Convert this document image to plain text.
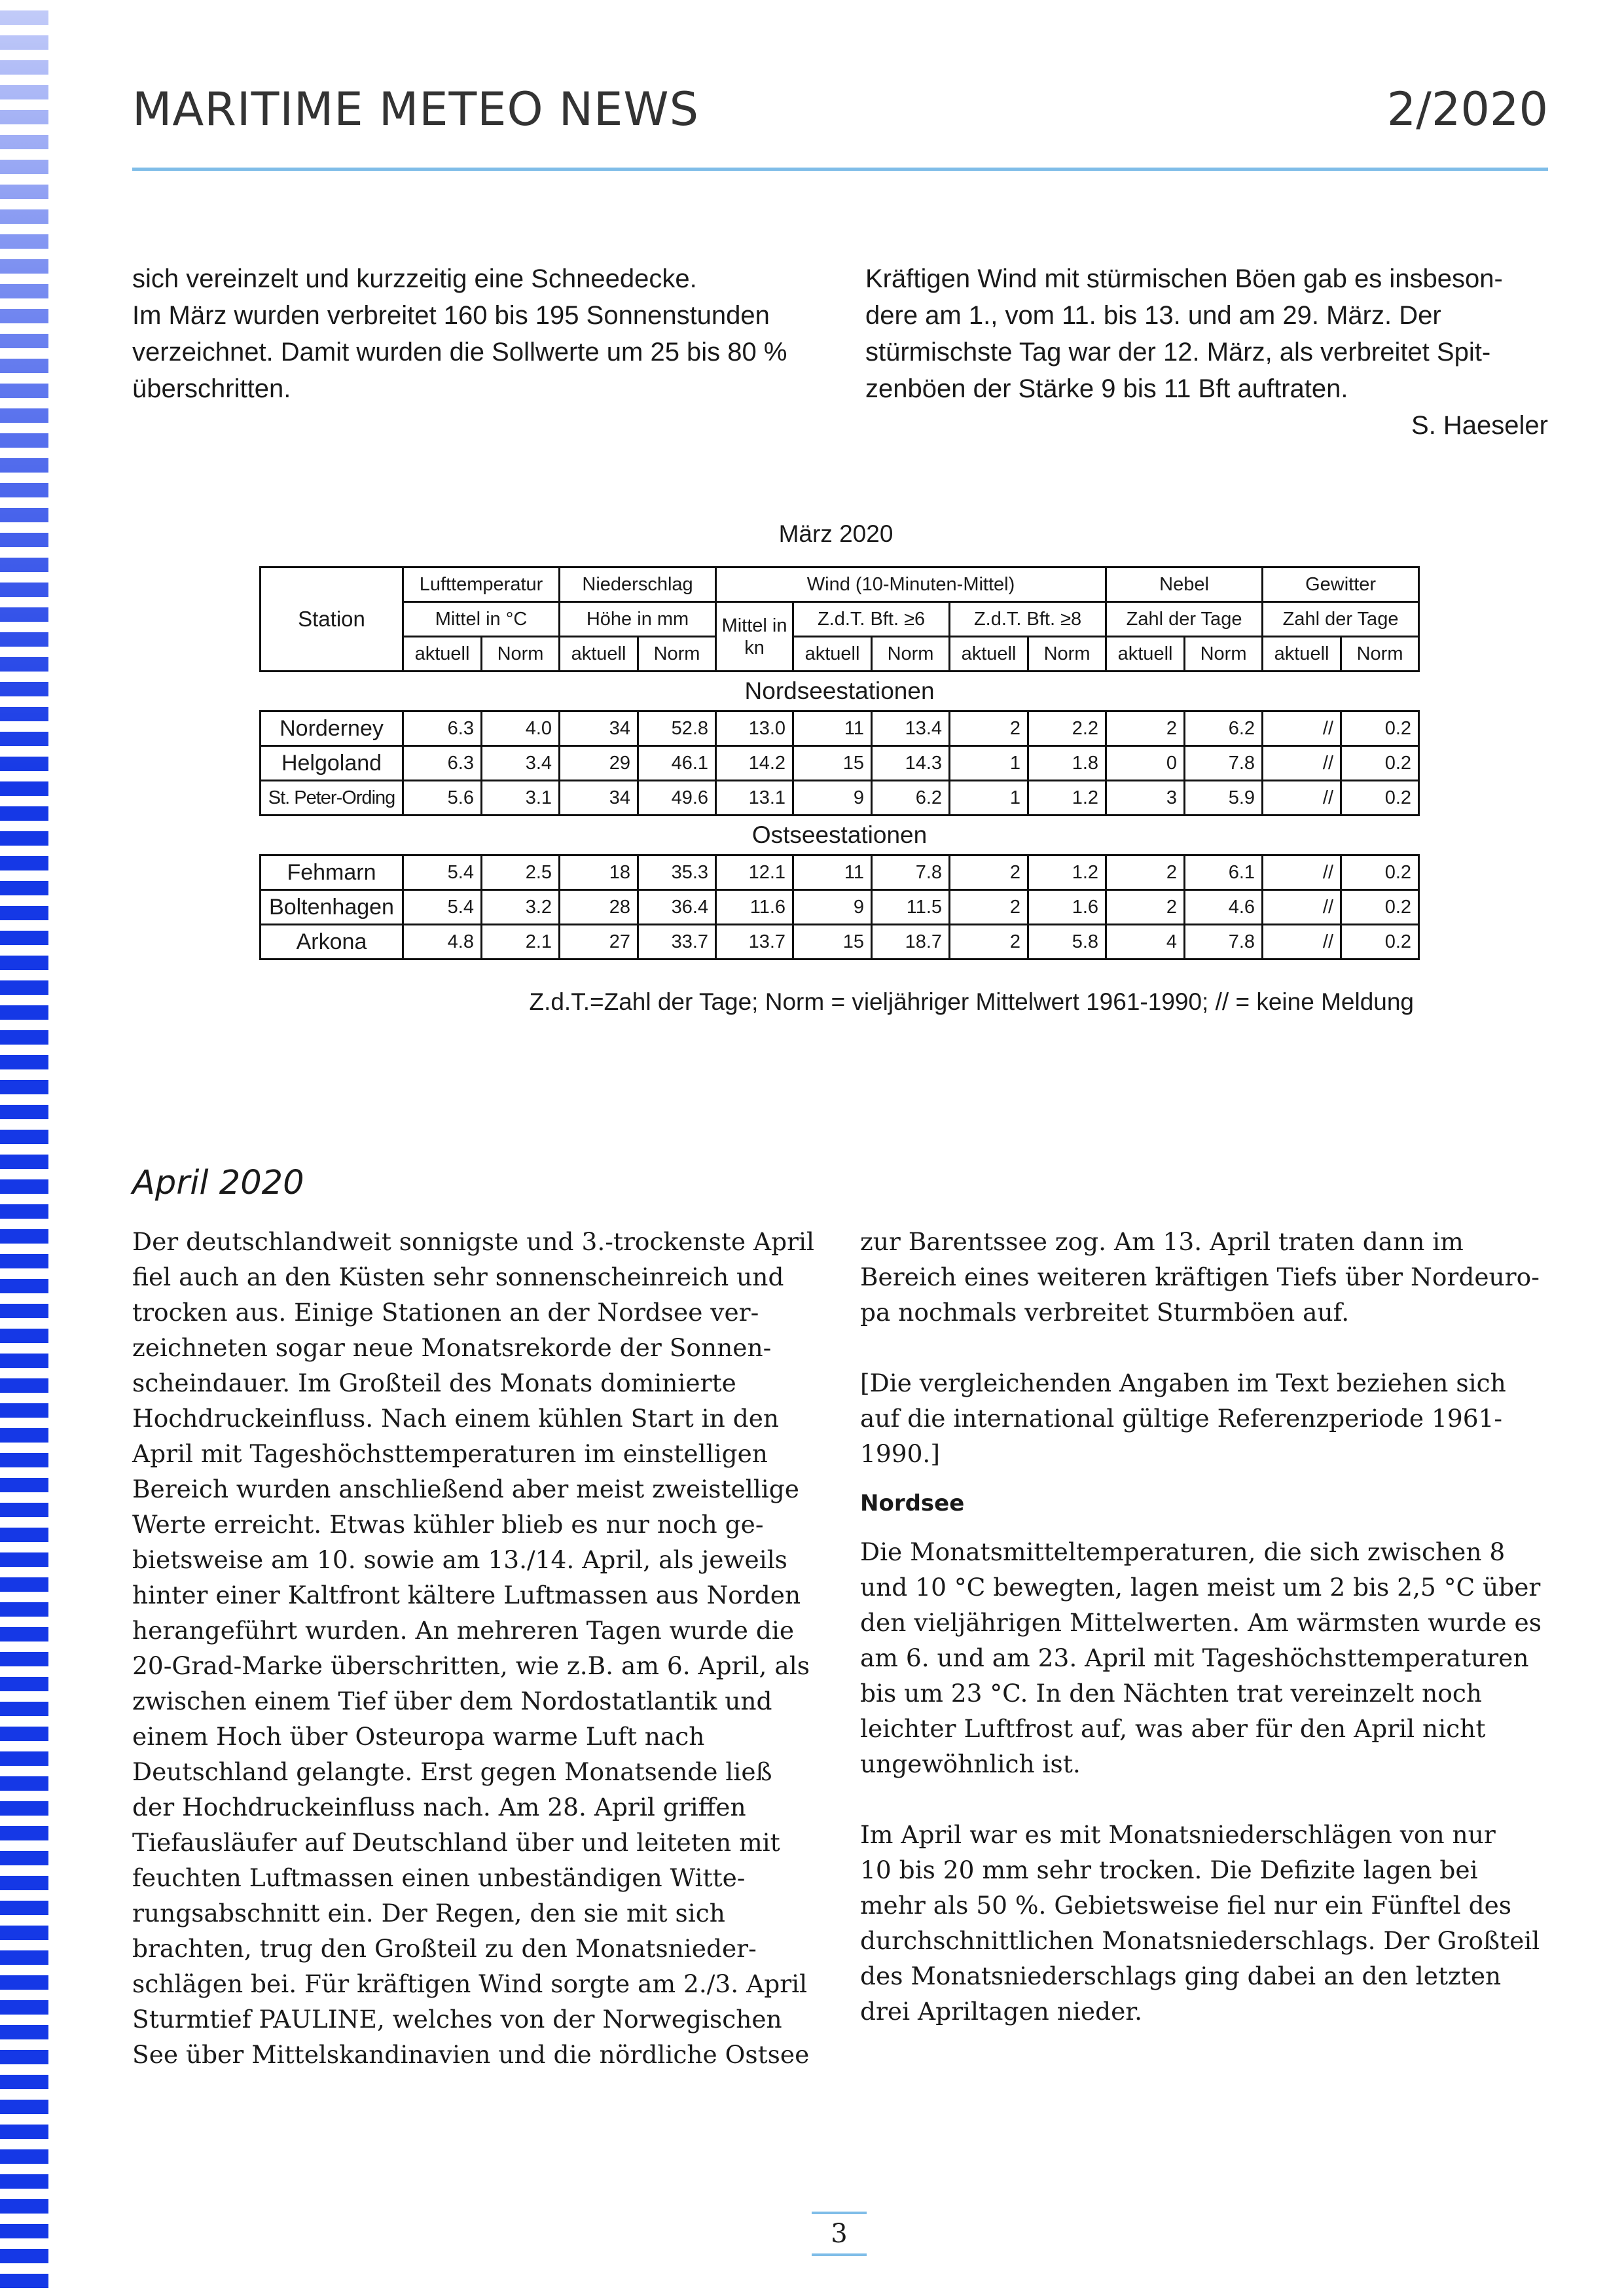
MARITIME METEO NEWS	2/2020

sich vereinzelt und kurzzeitig eine Schneedecke.

Im März wurden verbreitet 160 bis 195 Sonnenstunden

verzeichnet. Damit wurden die Sollwerte um 25 bis 80 %

überschritten.

Kräftigen Wind mit stürmischen Böen gab es insbeson-

dere am 1., vom 11. bis 13. und am 29. März. Der

stürmischste Tag war der 12. März, als verbreitet Spit-

zenböen der Stärke 9 bis 11 Bft auftraten.

S. Haeseler

März 2020
Station	Lufttemperatur		Niederschlag		Wind (10-Minuten-Mittel)					Nebel		Gewitter	
	Mittel in °C		Höhe in mm		Mittel in kn	Z.d.T. Bft. ≥6		Z.d.T. Bft. ≥8		Zahl der Tage		Zahl der Tage	
	aktuell	Norm	aktuell	Norm		aktuell	Norm	aktuell	Norm	aktuell	Norm	aktuell	Norm
Nordseestationen													
Norderney	6.3	4.0	34	52.8	13.0	11	13.4	2	2.2	2	6.2	//	0.2
Helgoland	6.3	3.4	29	46.1	14.2	15	14.3	1	1.8	0	7.8	//	0.2
St. Peter-Ording	5.6	3.1	34	49.6	13.1	9	6.2	1	1.2	3	5.9	//	0.2
Ostseestationen													
Fehmarn	5.4	2.5	18	35.3	12.1	11	7.8	2	1.2	2	6.1	//	0.2
Boltenhagen	5.4	3.2	28	36.4	11.6	9	11.5	2	1.6	2	4.6	//	0.2
Arkona	4.8	2.1	27	33.7	13.7	15	18.7	2	5.8	4	7.8	//	0.2
Z.d.T.=Zahl der Tage; Norm = vieljähriger Mittelwert 1961-1990; // = keine Meldung
April 2020

Der deutschlandweit sonnigste und 3.-trockenste April

fiel auch an den Küsten sehr sonnenscheinreich und

trocken aus. Einige Stationen an der Nordsee ver-

zeichneten sogar neue Monatsrekorde der Sonnen-

scheindauer. Im Großteil des Monats dominierte

Hochdruckeinfluss. Nach einem kühlen Start in den

April mit Tageshöchsttemperaturen im einstelligen

Bereich wurden anschließend aber meist zweistellige

Werte erreicht. Etwas kühler blieb es nur noch ge-

bietsweise am 10. sowie am 13./14. April, als jeweils

hinter einer Kaltfront kältere Luftmassen aus Norden

herangeführt wurden. An mehreren Tagen wurde die

20-Grad-Marke überschritten, wie z.B. am 6. April, als

zwischen einem Tief über dem Nordostatlantik und

einem Hoch über Osteuropa warme Luft nach

Deutschland gelangte. Erst gegen Monatsende ließ

der Hochdruckeinfluss nach. Am 28. April griffen

Tiefausläufer auf Deutschland über und leiteten mit

feuchten Luftmassen einen unbeständigen Witte-

rungsabschnitt ein. Der Regen, den sie mit sich

brachten, trug den Großteil zu den Monatsnieder-

schlägen bei. Für kräftigen Wind sorgte am 2./3. April

Sturmtief PAULINE, welches von der Norwegischen

See über Mittelskandinavien und die nördliche Ostsee

zur Barentssee zog. Am 13. April traten dann im

Bereich eines weiteren kräftigen Tiefs über Nordeuro-

pa nochmals verbreitet Sturmböen auf.

[Die vergleichenden Angaben im Text beziehen sich

auf die international gültige Referenzperiode 1961-

1990.]

Nordsee

Die Monatsmitteltemperaturen, die sich zwischen 8

und 10 °C bewegten, lagen meist um 2 bis 2,5 °C über

den vieljährigen Mittelwerten. Am wärmsten wurde es

am 6. und am 23. April mit Tageshöchsttemperaturen

bis um 23 °C. In den Nächten trat vereinzelt noch

leichter Luftfrost auf, was aber für den April nicht

ungewöhnlich ist.

Im April war es mit Monatsniederschlägen von nur

10 bis 20 mm sehr trocken. Die Defizite lagen bei

mehr als 50 %. Gebietsweise fiel nur ein Fünftel des

durchschnittlichen Monatsniederschlags. Der Großteil

des Monatsniederschlags ging dabei an den letzten

drei Apriltagen nieder.

3
